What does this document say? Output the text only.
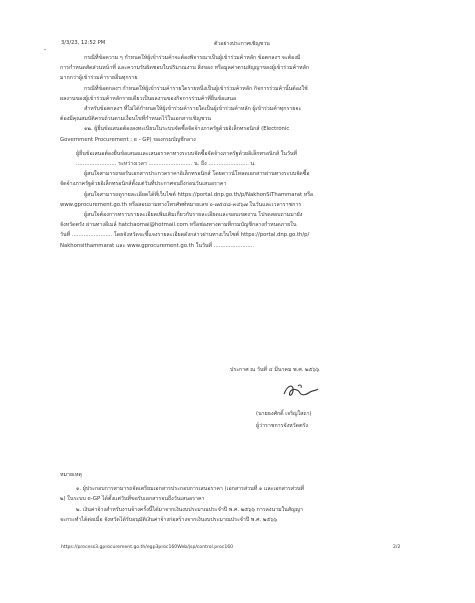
3/3/23, 12:52 PM	ตัวอย่างประกาศเชิญชวน
-

กรณีที่ข้อความ ๆ กำหนดให้ผู้เข้าร่วมค้าจะต้องพิจารณาเป็นผู้เข้าร่วมค้าหลัก ข้อตกลงฯ จะต้องมี

การกำหนดสัดส่วนหน้าที่ และความรับผิดชอบในปริมาณงาน สิ่งของ หรือมูลค่าตามสัญญาของผู้เข้าร่วมค้าหลัก

มากกว่าผู้เข้าร่วมค้ารายอื่นทุกราย

กรณีที่ข้อตกลงฯ กำหนดให้ผู้เข้าร่วมค้ารายใดรายหนึ่งเป็นผู้เข้าร่วมค้าหลัก กิจการร่วมค้านั้นต้องใช้

ผลงานของผู้เข้าร่วมค้าหลักรายเดียวเป็นผลงานของกิจการร่วมค้าที่ยื่นข้อเสนอ

สำหรับข้อตกลงฯ ที่ไม่ได้กำหนดให้ผู้เข้าร่วมค้ารายใดเป็นผู้เข้าร่วมค้าหลัก ผู้เข้าร่วมค้าทุกรายจะ

ต้องมีคุณสมบัติครบถ้วนตามเงื่อนไขที่กำหนดไว้ในเอกสารเชิญชวน

๑๒. ผู้ยื่นข้อเสนอต้องลงทะเบียนในระบบจัดซื้อจัดจ้างภาครัฐด้วยอิเล็กทรอนิกส์ (Electronic

Government Procurement : e - GP) ของกรมบัญชีกลาง

ผู้ยื่นข้อเสนอต้องยื่นข้อเสนอและเสนอราคาทางระบบจัดซื้อจัดจ้างภาครัฐด้วยอิเล็กทรอนิกส์ ในวันที่

........................ ระหว่างเวลา .......................... น. ถึง ........................ น.

ผู้สนใจสามารถขอรับเอกสารประกวดราคาอิเล็กทรอนิกส์ โดยดาวน์โหลดเอกสารผ่านทางระบบจัดซื้อ

จัดจ้างภาครัฐด้วยอิเล็กทรอนิกส์ตั้งแต่วันที่ประกาศจนถึงก่อนวันเสนอราคา

ผู้สนใจสามารถดูรายละเอียดได้ที่เว็บไซต์ https://portal.dnp.go.th/p/NakhonSiThammarat หรือ

www.gprocurement.go.th หรือสอบถามทางโทรศัพท์หมายเลข ๐-๗๕๔๘-๓๔๖๗ ในวันและเวลาราชการ

ผู้สนใจต้องการทราบรายละเอียดเพิ่มเติมเกี่ยวกับรายละเอียดและขอบเขตงาน โปรดสอบถามมายัง

จังหวัดตรัง ผ่านทางอีเมล์ hatchaomai@hotmail.com หรือช่องทางตามที่กรมบัญชีกลางกำหนดภายใน

วันที่ ........................ โดยจังหวัดจะชี้แจงรายละเอียดดังกล่าวผ่านทางเว็บไซต์ https://portal.dnp.go.th/p/

Nakhonsithammarat และ www.gprocurement.go.th ในวันที่ ........................

ประกาศ ณ วันที่ ๔ มีนาคม พ.ศ. ๒๕๖๖
(นายธงศักดิ์ เจริญใสถา)
ผู้ว่าราชการจังหวัดตรัง

หมายเหตุ

๑. ผู้ประกอบการสามารถจัดเตรียมเอกสารประกอบการเสนอราคา (เอกสารส่วนที่ ๑ และเอกสารส่วนที่

๒) ในระบบ e-GP ได้ตั้งแต่วันที่ขอรับเอกสารจนถึงวันเสนอราคา

๒. เงินค่าจ้างสำหรับงานจ้างครั้งนี้ได้มาจากเงินงบประมาณประจำปี พ.ศ. ๒๕๖๖ การลงนามในสัญญา

จะกระทำได้ต่อเมื่อ จังหวัดได้รับอนุมัติเงินค่าจ้างก่อสร้างจากเงินงบประมาณประจำปี พ.ศ. ๒๕๖๖

https://process3.gprocurement.go.th/egp3proc160Web/jsp/control.proc160	2/2
